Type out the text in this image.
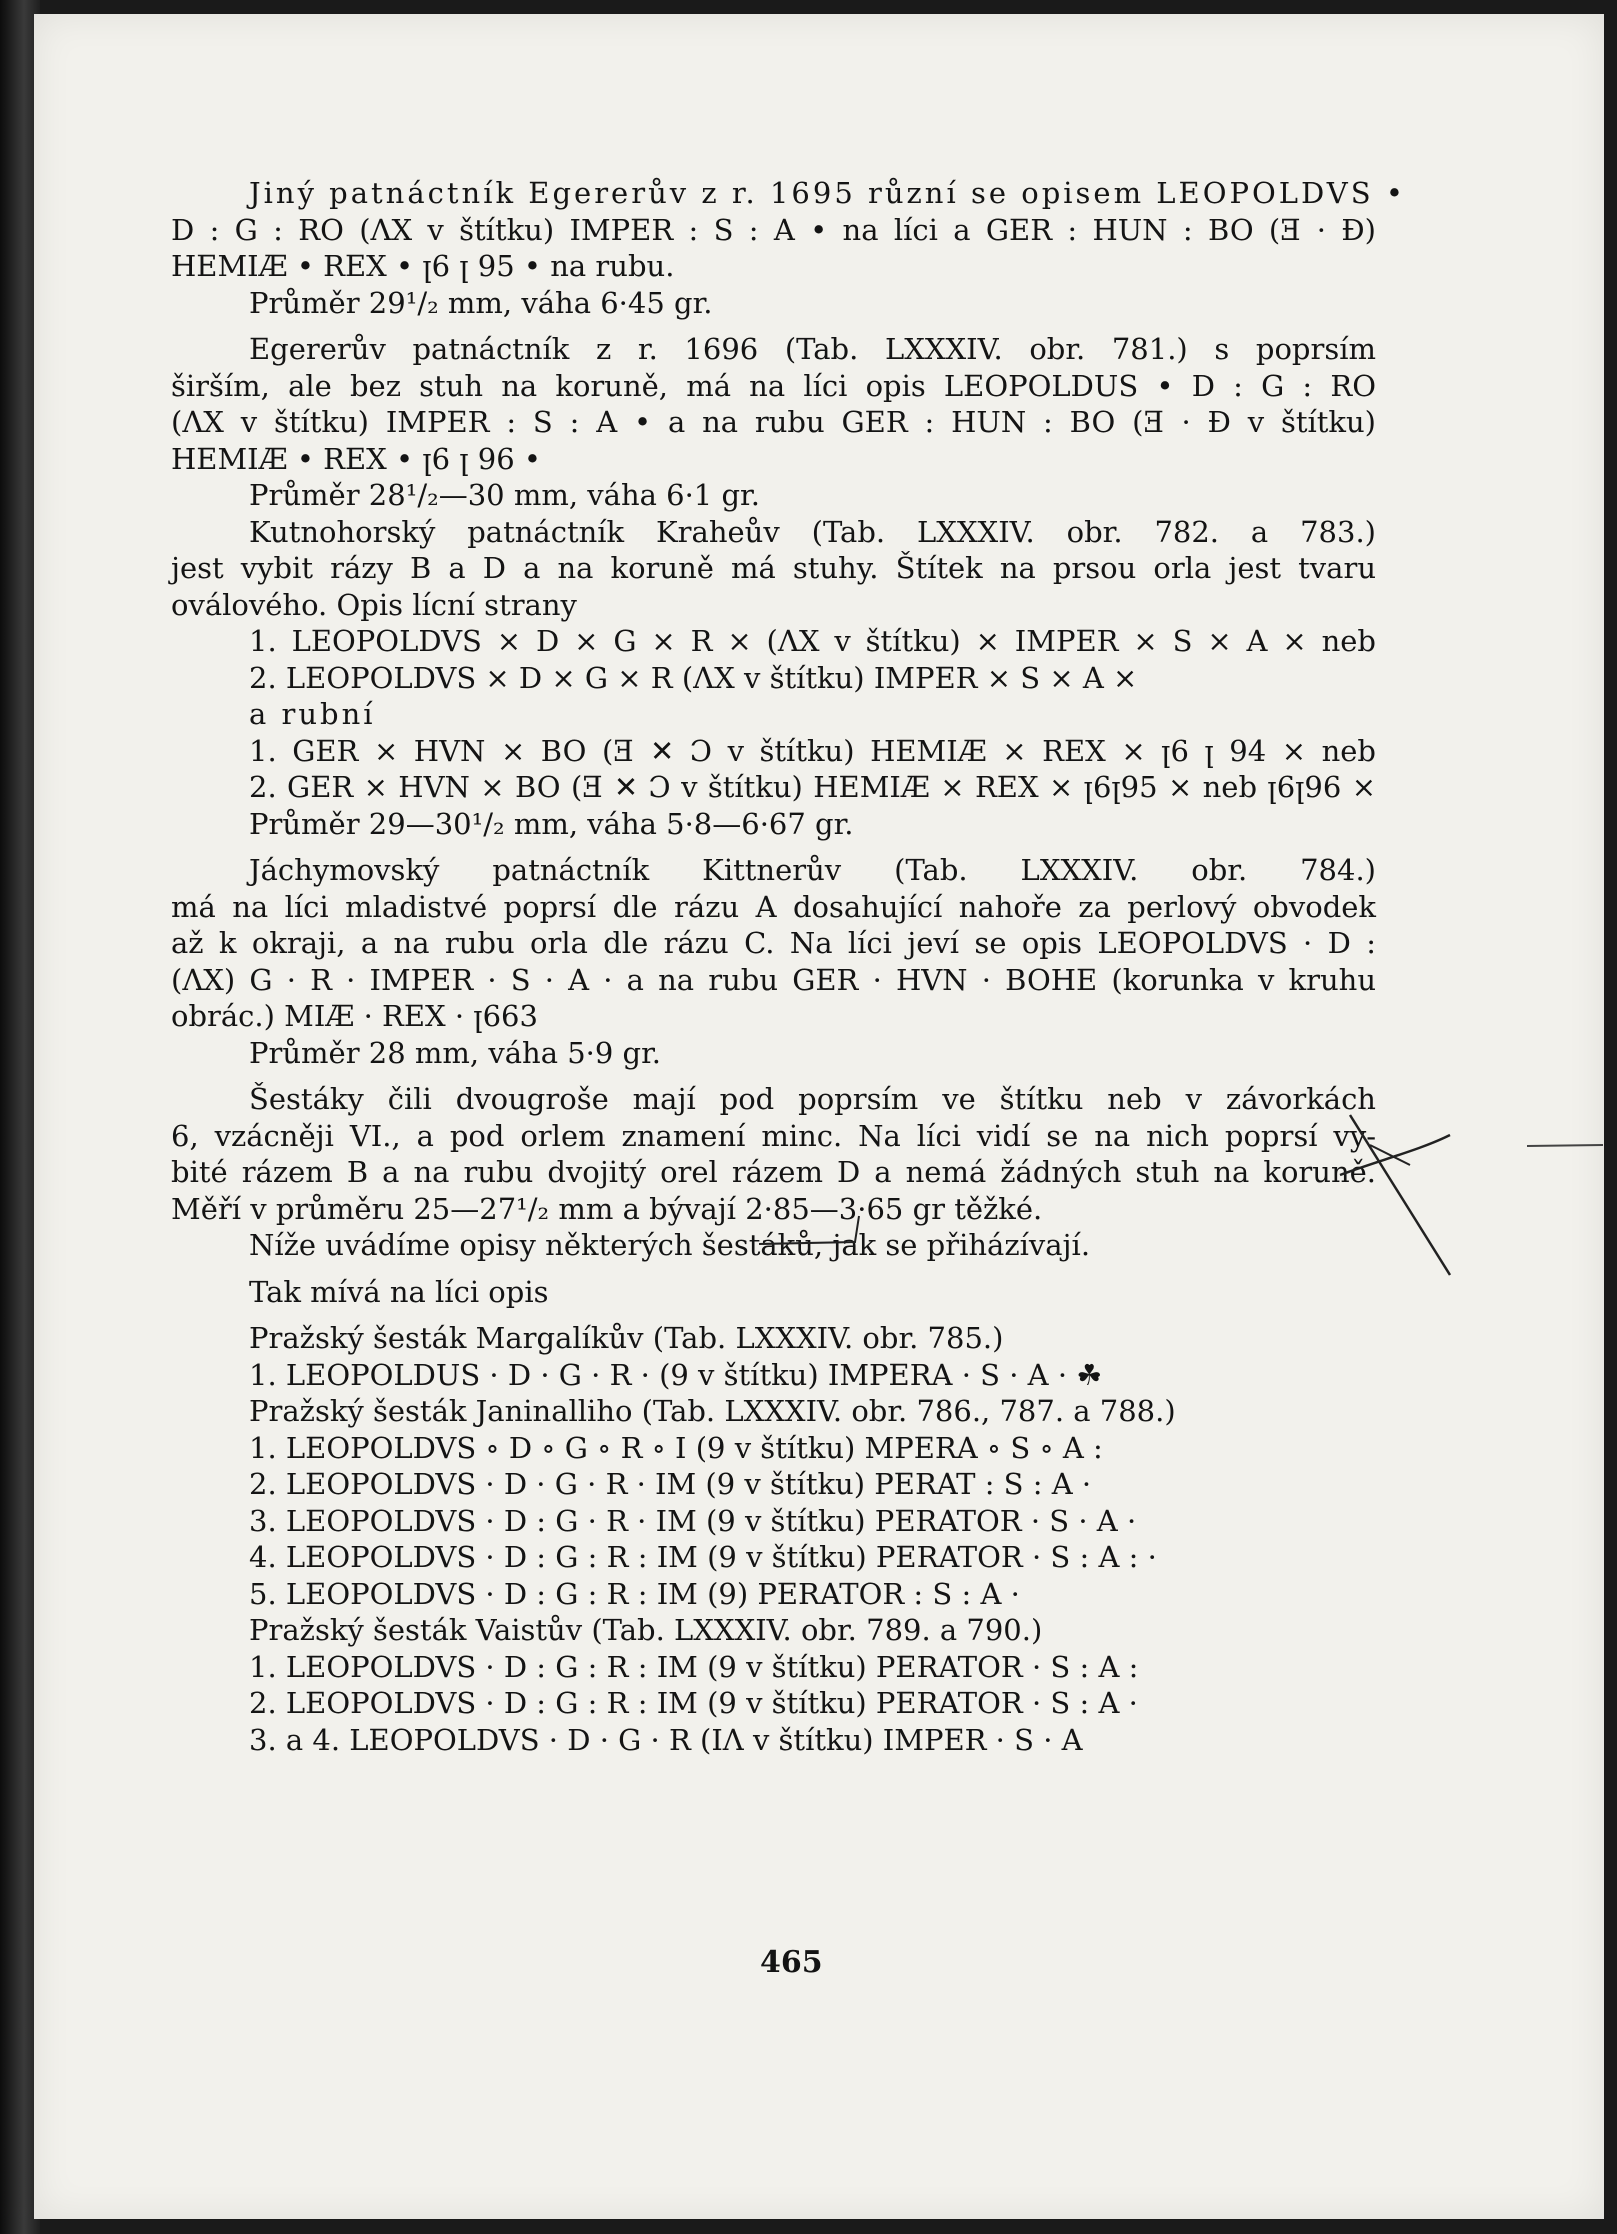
Jiný patnáctník Egererův z r. 1695 různí se opisem LEOPOLDVS •
D : G : RO (ΛX v štítku) IMPER : S : A • na líci a GER : HUN : BO (Ǝ · Ð)
HEMIÆ • REX • ꞁ6 ꞁ 95 • na rubu.
Průměr 29¹/₂ mm, váha 6·45 gr.
Egererův patnáctník z r. 1696 (Tab. LXXXIV. obr. 781.) s poprsím
širším, ale bez stuh na koruně, má na líci opis LEOPOLDUS • D : G : RO
(ΛX v štítku) IMPER : S : A • a na rubu GER : HUN : BO (Ǝ · Ð v štítku)
HEMIÆ • REX • ꞁ6 ꞁ 96 •
Průměr 28¹/₂—30 mm, váha 6·1 gr.
Kutnohorský patnáctník Kraheův (Tab. LXXXIV. obr. 782. a 783.)
jest vybit rázy B a D a na koruně má stuhy. Štítek na prsou orla jest tvaru
oválového. Opis lícní strany
1. LEOPOLDVS × D × G × R × (ΛX v štítku) × IMPER × S × A × neb
2. LEOPOLDVS × D × G × R (ΛX v štítku) IMPER × S × A ×
a rubní
1. GER × HVN × BO (Ǝ ✕ Ɔ v štítku) HEMIÆ × REX × ꞁ6 ꞁ 94 × neb
2. GER × HVN × BO (Ǝ ✕ Ɔ v štítku) HEMIÆ × REX × ꞁ6ꞁ95 × neb ꞁ6ꞁ96 ×
Průměr 29—30¹/₂ mm, váha 5·8—6·67 gr.
Jáchymovský patnáctník Kittnerův (Tab. LXXXIV. obr. 784.)
má na líci mladistvé poprsí dle rázu A dosahující nahoře za perlový obvodek
až k okraji, a na rubu orla dle rázu C. Na líci jeví se opis LEOPOLDVS · D :
(ΛX) G · R · IMPER · S · A · a na rubu GER · HVN · BOHE (korunka v kruhu
obrác.) MIÆ · REX · ꞁ663
Průměr 28 mm, váha 5·9 gr.
Šestáky čili dvougroše mají pod poprsím ve štítku neb v závorkách
6, vzácněji VI., a pod orlem znamení minc. Na líci vidí se na nich poprsí vy-
bité rázem B a na rubu dvojitý orel rázem D a nemá žádných stuh na koruně.
Měří v průměru 25—27¹/₂ mm a bývají 2·85—3·65 gr těžké.
Níže uvádíme opisy některých šestáků, jak se přiházívají.
Tak mívá na líci opis
Pražský šesták Margalíkův (Tab. LXXXIV. obr. 785.)
1. LEOPOLDUS · D · G · R · (9 v štítku) IMPERA · S · A · ☘
Pražský šesták Janinalliho (Tab. LXXXIV. obr. 786., 787. a 788.)
1. LEOPOLDVS ∘ D ∘ G ∘ R ∘ I (9 v štítku) MPERA ∘ S ∘ A :
2. LEOPOLDVS · D · G · R · IM (9 v štítku) PERAT : S : A ·
3. LEOPOLDVS · D : G · R · IM (9 v štítku) PERATOR · S · A ·
4. LEOPOLDVS · D : G : R : IM (9 v štítku) PERATOR · S : A : ·
5. LEOPOLDVS · D : G : R : IM (9) PERATOR : S : A ·
Pražský šesták Vaistův (Tab. LXXXIV. obr. 789. a 790.)
1. LEOPOLDVS · D : G : R : IM (9 v štítku) PERATOR · S : A :
2. LEOPOLDVS · D : G : R : IM (9 v štítku) PERATOR · S : A ·
3. a 4. LEOPOLDVS · D · G · R (IΛ v štítku) IMPER · S · A
465
